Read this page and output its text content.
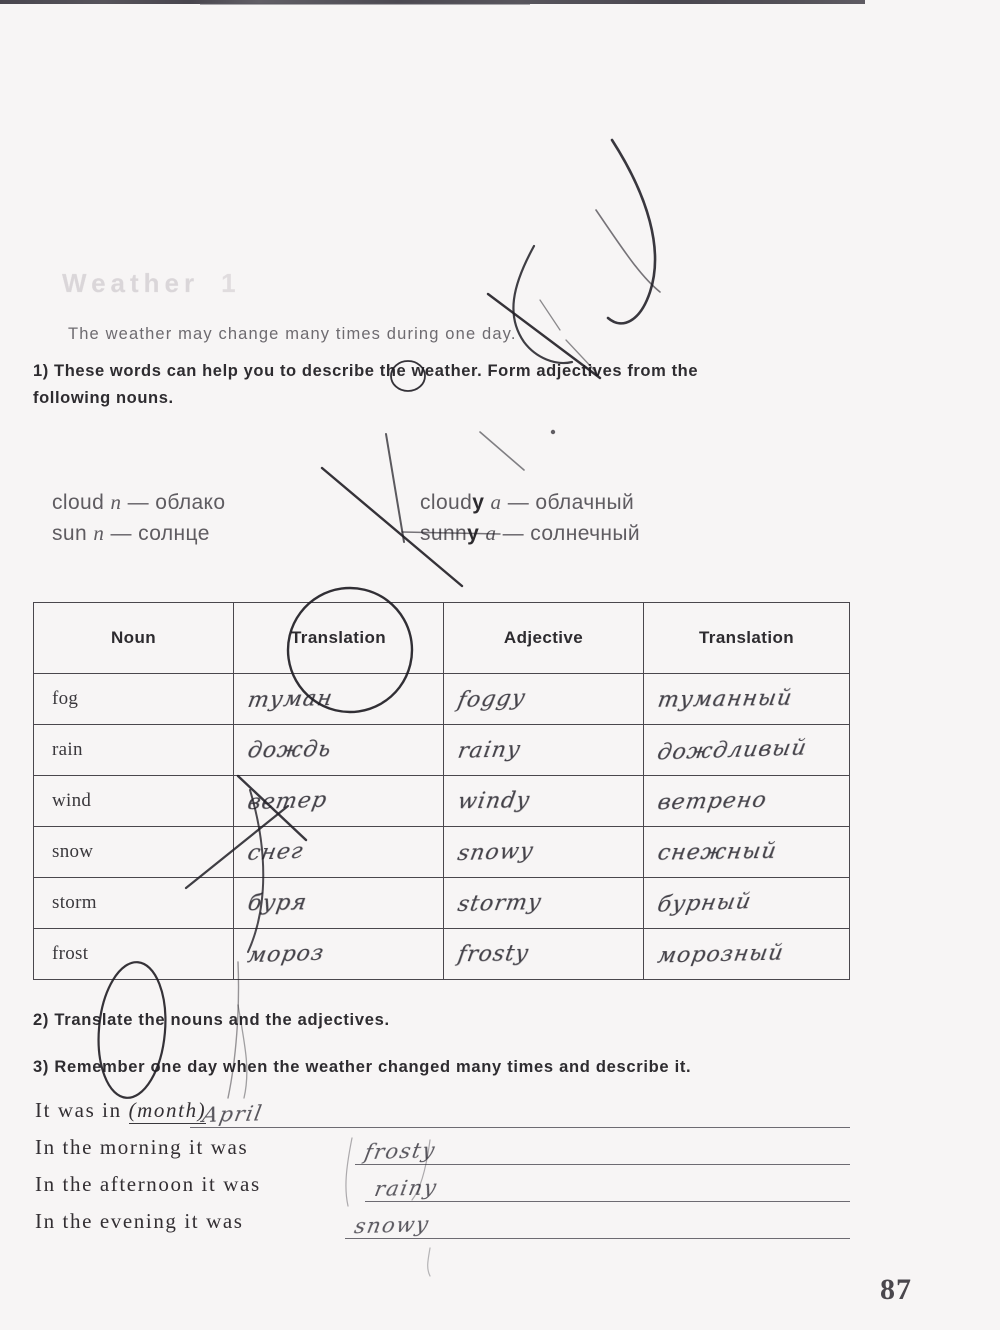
Weather 1
The weather may change many times during one day.
1) These words can help you to describe the weather. Form adjectives from the
following nouns.
cloud n — облако	cloudy a — облачный
sun n — солнце	sunny a — солнечный
Noun	Translation	Adjective	Translation
fog	туман	foggy	туманный
rain	дождь	rainy	дождливый
wind	ветер	windy	ветрено
snow	снег	snowy	снежный
storm	буря	stormy	бурный
frost	мороз	frosty	морозный
2) Translate the nouns and the adjectives.
3) Remember one day when the weather changed many times and describe it.
It was in (month)
April
In the morning it was	frosty
In the afternoon it was	rainy
In the evening it was	snowy
87
